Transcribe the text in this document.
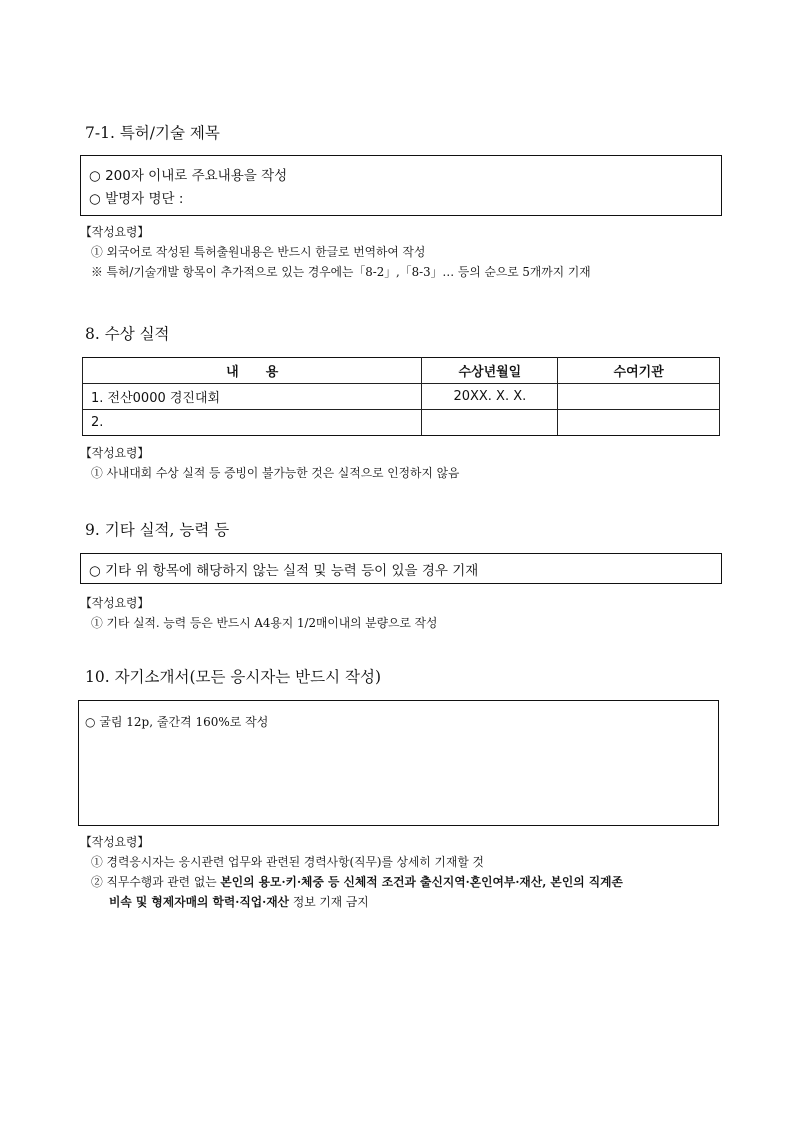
7-1. 특허/기술 제목
○ 200자 이내로 주요내용을 작성
○ 발명자 명단 :
【작성요령】
① 외국어로 작성된 특허출원내용은 반드시 한글로 번역하여 작성
※ 특허/기술개발 항목이 추가적으로 있는 경우에는「8-2」,「8-3」… 등의 순으로 5개까지 기재
8. 수상 실적
내      용	수상년월일	수여기관
1. 전산0000 경진대회	20XX. X. X.	
2.		
【작성요령】
① 사내대회 수상 실적 등 증빙이 불가능한 것은 실적으로 인정하지 않음
9. 기타 실적, 능력 등
○ 기타 위 항목에 해당하지 않는 실적 및 능력 등이 있을 경우 기재
【작성요령】
① 기타 실적. 능력 등은 반드시 A4용지 1/2매이내의 분량으로 작성
10. 자기소개서(모든 응시자는 반드시 작성)
○ 굴림 12p, 줄간격 160%로 작성
【작성요령】
① 경력응시자는 응시관련 업무와 관련된 경력사항(직무)를 상세히 기재할 것
② 직무수행과 관련 없는 본인의 용모·키·체중 등 신체적 조건과 출신지역·혼인여부·재산, 본인의 직계존
비속 및 형제자매의 학력·직업·재산 정보 기재 금지
